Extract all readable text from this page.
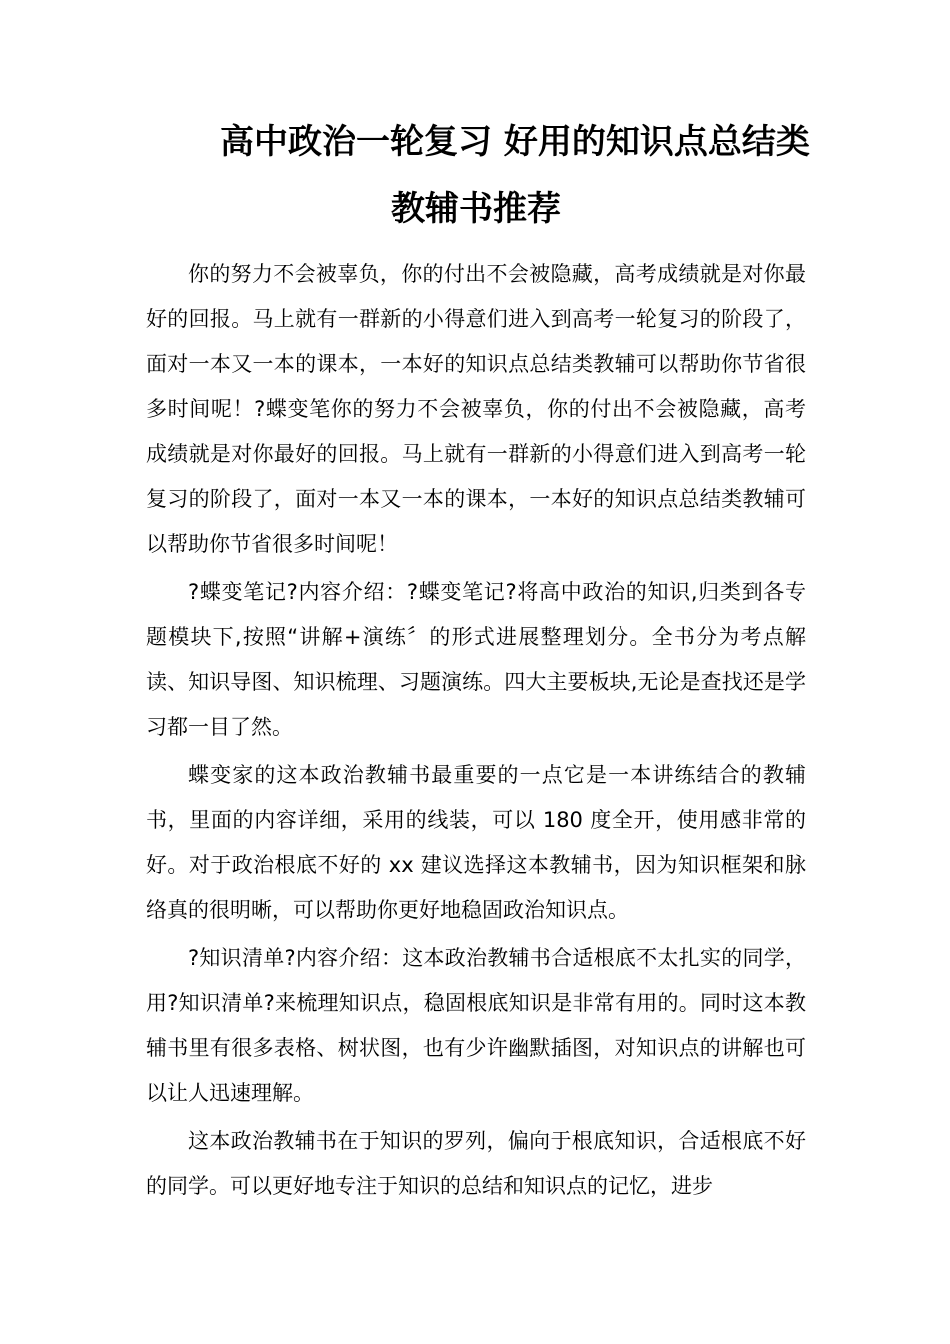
高中政治一轮复习 好用的知识点总结类
教辅书推荐

你的努力不会被辜负，你的付出不会被隐藏，高考成绩就是对你最好的回报。马上就有一群新的小得意们进入到高考一轮复习的阶段了，面对一本又一本的课本，一本好的知识点总结类教辅可以帮助你节省很多时间呢！?蝶变笔你的努力不会被辜负，你的付出不会被隐藏，高考成绩就是对你最好的回报。马上就有一群新的小得意们进入到高考一轮复习的阶段了，面对一本又一本的课本，一本好的知识点总结类教辅可以帮助你节省很多时间呢！

?蝶变笔记?内容介绍：?蝶变笔记?将高中政治的知识,归类到各专题模块下,按照“讲解+演练〞的形式进展整理划分。全书分为考点解读、知识导图、知识梳理、习题演练。四大主要板块,无论是查找还是学习都一目了然。

蝶变家的这本政治教辅书最重要的一点它是一本讲练结合的教辅书，里面的内容详细，采用的线装，可以 180 度全开，使用感非常的好。对于政治根底不好的 xx 建议选择这本教辅书，因为知识框架和脉络真的很明晰，可以帮助你更好地稳固政治知识点。

?知识清单?内容介绍：这本政治教辅书合适根底不太扎实的同学，用?知识清单?来梳理知识点，稳固根底知识是非常有用的。同时这本教辅书里有很多表格、树状图，也有少许幽默插图，对知识点的讲解也可以让人迅速理解。

这本政治教辅书在于知识的罗列，偏向于根底知识，合适根底不好的同学。可以更好地专注于知识的总结和知识点的记忆，进步
